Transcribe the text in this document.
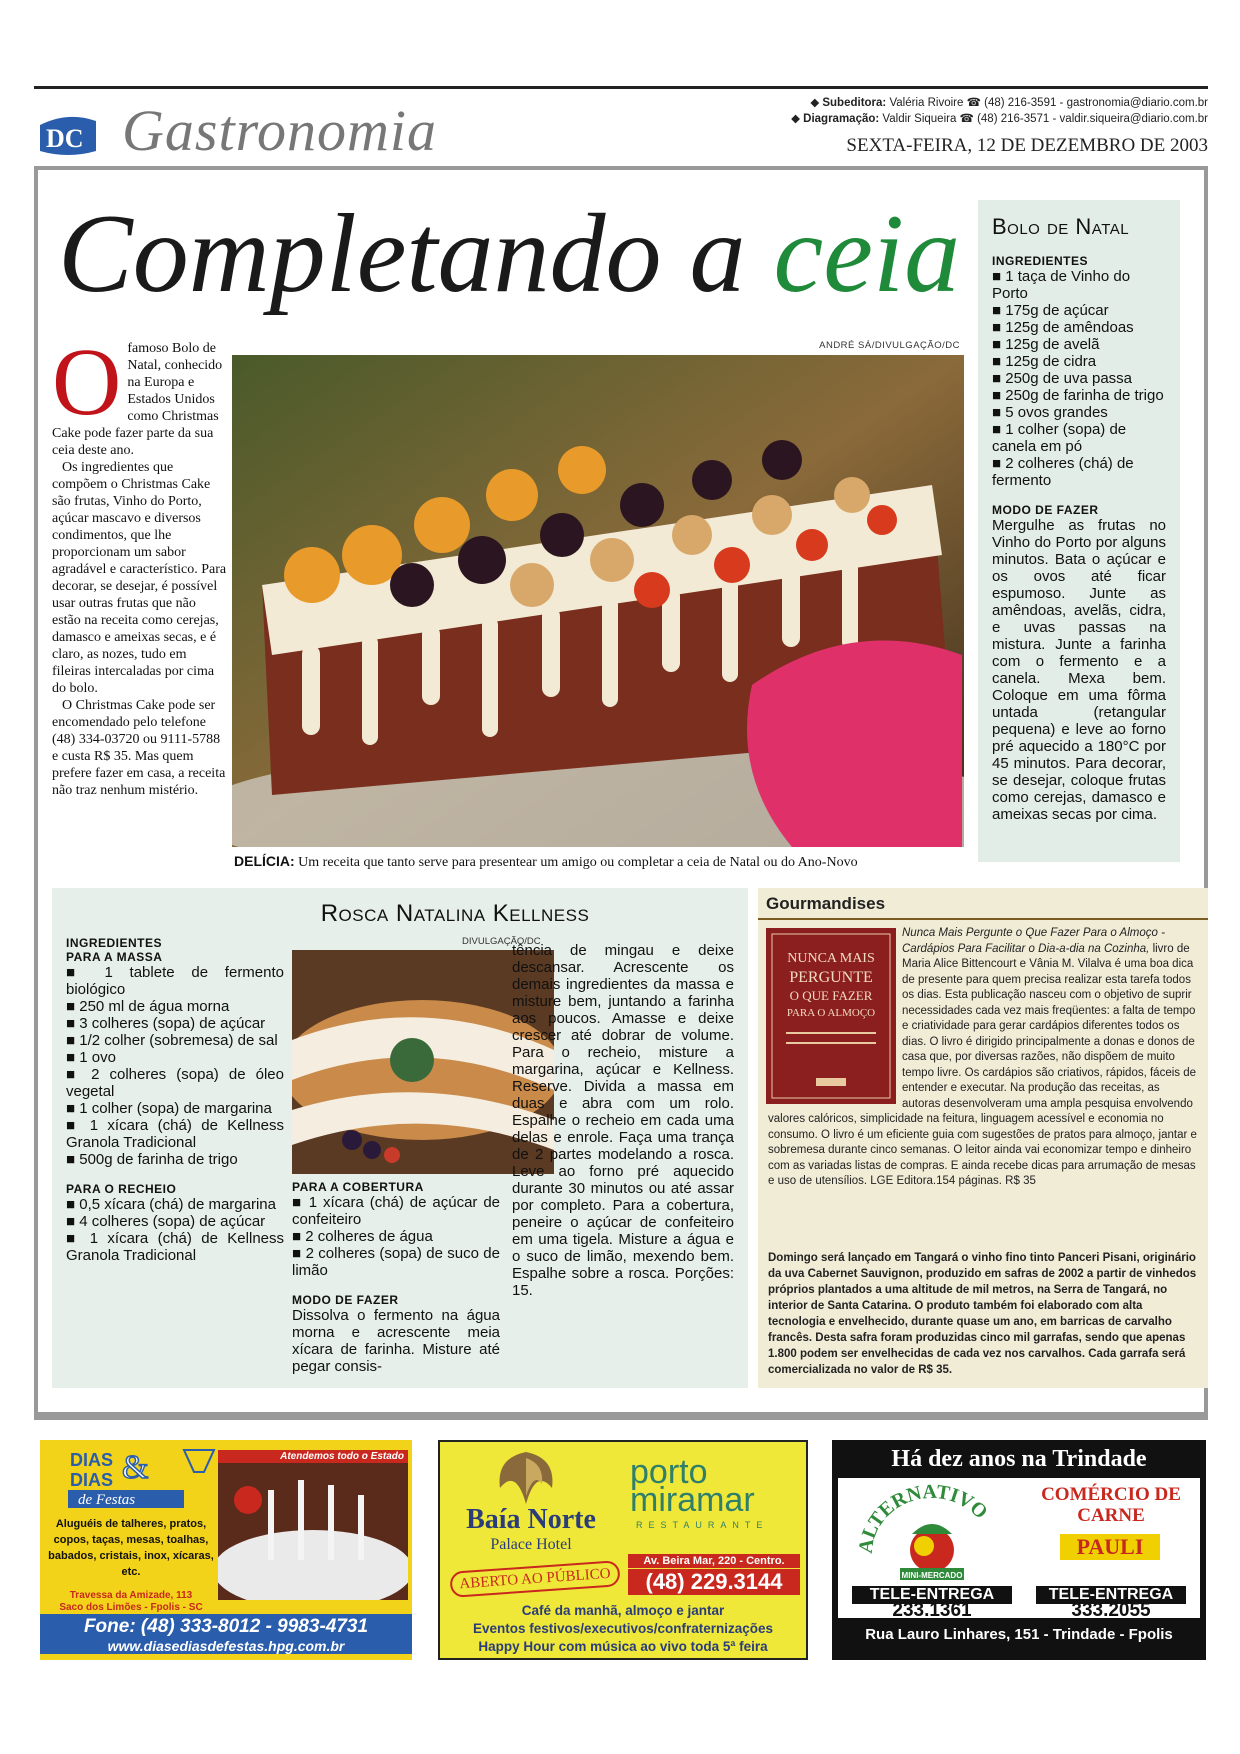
DC Gastronomia	◆ Subeditora: Valéria Rivoire ☎ (48) 216-3591 - gastronomia@diario.com.br
◆ Diagramação: Valdir Siqueira ☎ (48) 216-3571 - valdir.siqueira@diario.com.br
SEXTA-FEIRA, 12 DE DEZEMBRO DE 2003
Completando a ceia
O famoso Bolo de Natal, conhecido na Europa e Estados Unidos como Christmas Cake pode fazer parte da sua ceia deste ano.

Os ingredientes que compõem o Christmas Cake são frutas, Vinho do Porto, açúcar mascavo e diversos condimentos, que lhe proporcionam um sabor agradável e característico. Para decorar, se desejar, é possível usar outras frutas que não estão na receita como cerejas, damasco e ameixas secas, e é claro, as nozes, tudo em fileiras intercaladas por cima do bolo.

O Christmas Cake pode ser encomendado pelo telefone (48) 334-03720 ou 9111-5788 e custa R$ 35. Mas quem prefere fazer em casa, a receita não traz nenhum mistério.

ANDRÉ SÁ/DIVULGAÇÃO/DC
DELÍCIA: Um receita que tanto serve para presentear um amigo ou completar a ceia de Natal ou do Ano-Novo
Bolo de Natal
INGREDIENTES
■ 1 taça de Vinho do Porto
■ 175g de açúcar
■ 125g de amêndoas
■ 125g de avelã
■ 125g de cidra
■ 250g de uva passa
■ 250g de farinha de trigo
■ 5 ovos grandes
■ 1 colher (sopa) de canela em pó
■ 2 colheres (chá) de fermento
MODO DE FAZER
Mergulhe as frutas no Vinho do Porto por alguns minutos. Bata o açúcar e os ovos até ficar espumoso. Junte as amêndoas, avelãs, cidra, e uvas passas na mistura. Junte a farinha com o fermento e a canela. Mexa bem. Coloque em uma fôrma untada (retangular pequena) e leve ao forno pré aquecido a 180°C por 45 minutos. Para decorar, se desejar, coloque frutas como cerejas, damasco e ameixas secas por cima.
Rosca Natalina Kellness
INGREDIENTES
PARA A MASSA
■ 1 tablete de fermento biológico
■ 250 ml de água morna
■ 3 colheres (sopa) de açúcar
■ 1/2 colher (sobremesa) de sal
■ 1 ovo
■ 2 colheres (sopa) de óleo vegetal
■ 1 colher (sopa) de margarina
■ 1 xícara (chá) de Kellness Granola Tradicional
■ 500g de farinha de trigo
PARA O RECHEIO
■ 0,5 xícara (chá) de margarina
■ 4 colheres (sopa) de açúcar
■ 1 xícara (chá) de Kellness Granola Tradicional
DIVULGAÇÃO/DC
PARA A COBERTURA
■ 1 xícara (chá) de açúcar de confeiteiro
■ 2 colheres de água
■ 2 colheres (sopa) de suco de limão
MODO DE FAZER
Dissolva o fermento na água morna e acrescente meia xícara de farinha. Misture até pegar consis-
tência de mingau e deixe descansar. Acrescente os demais ingredientes da massa e misture bem, juntando a farinha aos poucos. Amasse e deixe crescer até dobrar de volume. Para o recheio, misture a margarina, açúcar e Kellness. Reserve. Divida a massa em duas e abra com um rolo. Espalhe o recheio em cada uma delas e enrole. Faça uma trança de 2 partes modelando a rosca. Leve ao forno pré aquecido durante 30 minutos ou até assar por completo. Para a cobertura, peneire o açúcar de confeiteiro em uma tigela. Misture a água e o suco de limão, mexendo bem. Espalhe sobre a rosca. Porções: 15.
Gourmandises
NUNCA MAIS
PERGUNTE
O QUE FAZER
PARA O ALMOÇO
Nunca Mais Pergunte o Que Fazer Para o Almoço - Cardápios Para Facilitar o Dia-a-dia na Cozinha, livro de Maria Alice Bittencourt e Vânia M. Vilalva é uma boa dica de presente para quem precisa realizar esta tarefa todos os dias. Esta publicação nasceu com o objetivo de suprir necessidades cada vez mais freqüentes: a falta de tempo e criatividade para gerar cardápios diferentes todos os dias. O livro é dirigido principalmente a donas e donos de casa que, por diversas razões, não dispõem de muito tempo livre. Os cardápios são criativos, rápidos, fáceis de entender e executar. Na produção das receitas, as autoras desenvolveram uma ampla pesquisa envolvendo valores calóricos, simplicidade na feitura, linguagem acessível e economia no consumo. O livro é um eficiente guia com sugestões de pratos para almoço, jantar e sobremesa durante cinco semanas. O leitor ainda vai economizar tempo e dinheiro com as variadas listas de compras. E ainda recebe dicas para arrumação de mesas e uso de utensílios. LGE Editora.154 páginas. R$ 35
Domingo será lançado em Tangará o vinho fino tinto Panceri Pisani, originário da uva Cabernet Sauvignon, produzido em safras de 2002 a partir de vinhedos próprios plantados a uma altitude de mil metros, na Serra de Tangará, no interior de Santa Catarina. O produto também foi elaborado com alta tecnologia e envelhecido, durante quase um ano, em barricas de carvalho francês. Desta safra foram produzidas cinco mil garrafas, sendo que apenas 1.800 podem ser envelhecidas de cada vez nos carvalhos. Cada garrafa será comercializada no valor de R$ 35.
DIAS &
DIAS
de Festas
Atendemos todo o Estado
Aluguéis de talheres, pratos, copos, taças, mesas, toalhas, babados, cristais, inox, xícaras, etc.
Travessa da Amizade, 113
Saco dos Limões - Fpolis - SC
Fone: (48) 333-8012 - 9983-4731
www.diasediasdefestas.hpg.com.br
Baía Norte
Palace Hotel
porto
miramar
RESTAURANTE
ABERTO AO PÚBLICO
Av. Beira Mar, 220 - Centro.
(48) 229.3144
Café da manhã, almoço e jantar
Eventos festivos/executivos/confraternizações
Happy Hour com música ao vivo toda 5ª feira
Há dez anos na Trindade
ALTERNATIVO
MINI-MERCADO
TELE-ENTREGA
233.1361
COMÉRCIO DE CARNE
PAULI
TELE-ENTREGA
333.2055
Rua Lauro Linhares, 151 - Trindade - Fpolis
